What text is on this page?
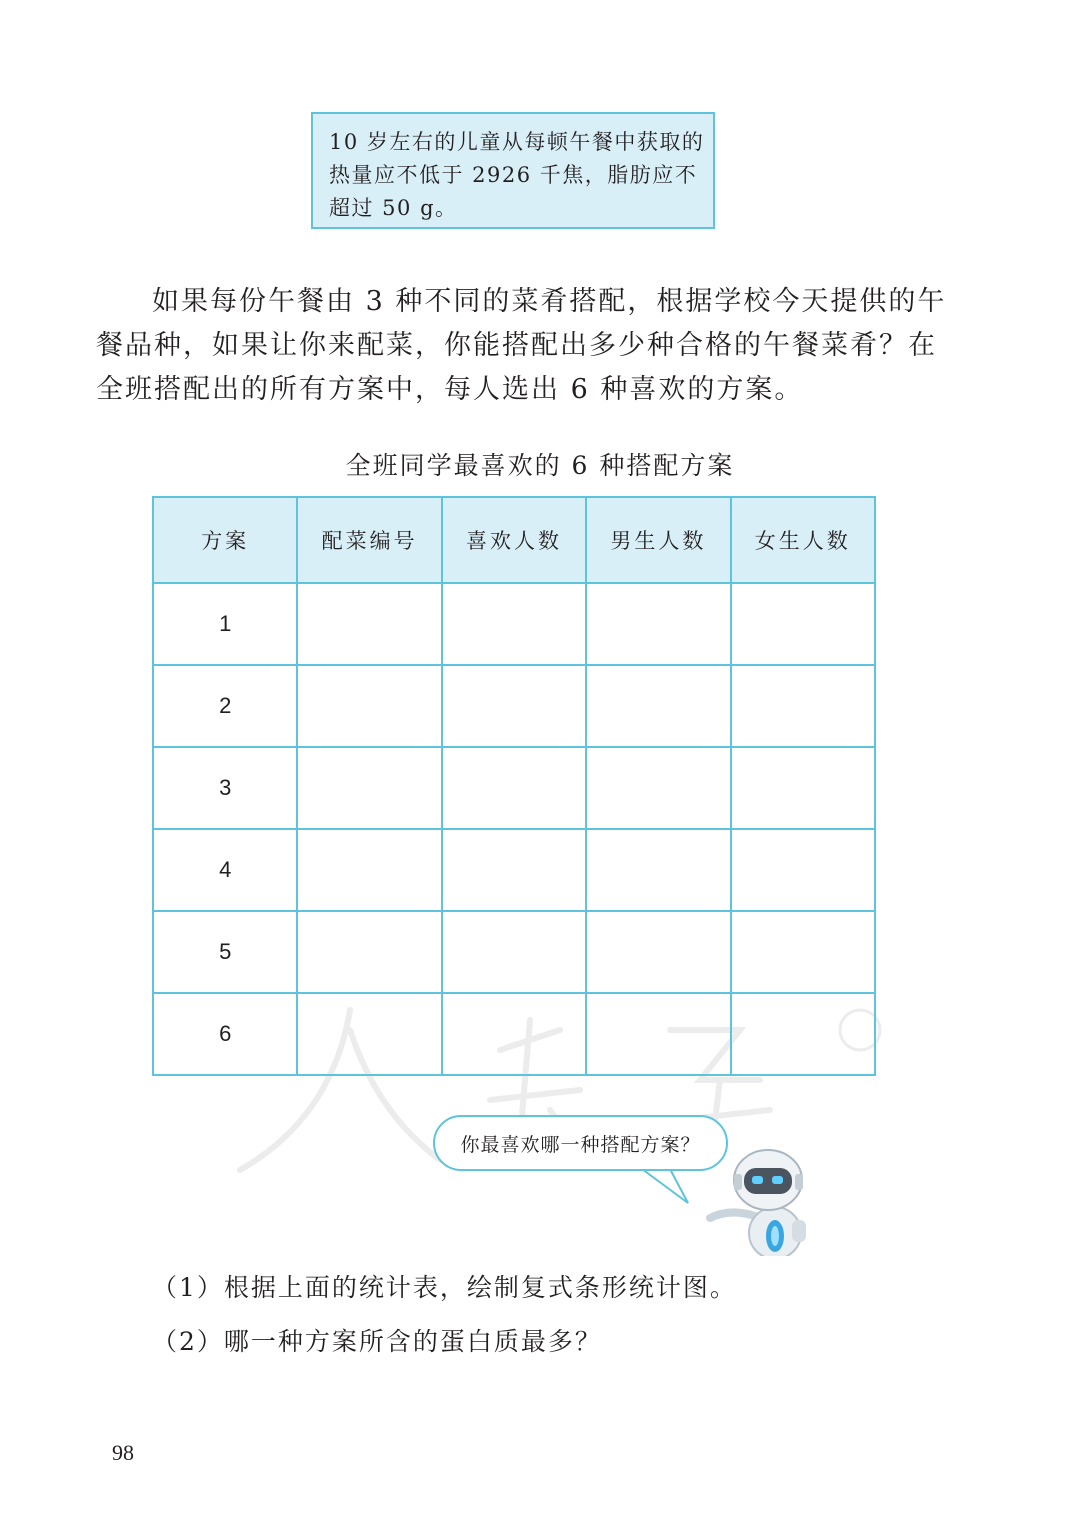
10 岁左右的儿童从每顿午餐中获取的

热量应不低于 2926 千焦，脂肪应不

超过 50 g。

如果每份午餐由 3 种不同的菜肴搭配，根据学校今天提供的午

餐品种，如果让你来配菜，你能搭配出多少种合格的午餐菜肴？在

全班搭配出的所有方案中，每人选出 6 种喜欢的方案。

全班同学最喜欢的 6 种搭配方案
方案	配菜编号	喜欢人数	男生人数	女生人数
1				
2				
3				
4				
5				
6				
你最喜欢哪一种搭配方案？
（1）根据上面的统计表，绘制复式条形统计图。
（2）哪一种方案所含的蛋白质最多？
98
